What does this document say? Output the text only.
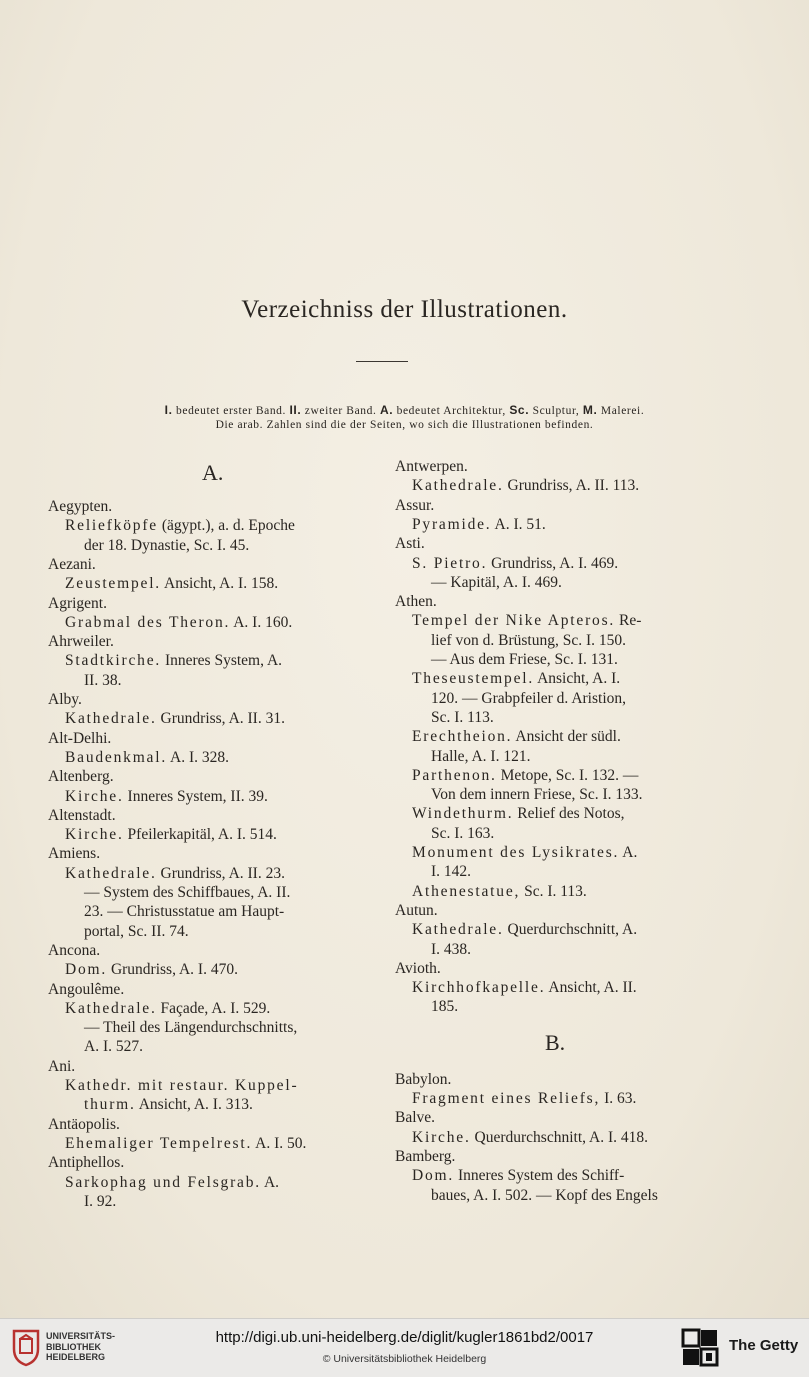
Verzeichniss der Illustrationen.
I. bedeutet erster Band. II. zweiter Band. A. bedeutet Architektur, Sc. Sculptur, M. Malerei.
Die arab. Zahlen sind die der Seiten, wo sich die Illustrationen befinden.
A.
Aegypten.
Reliefköpfe (ägypt.), a. d. Epoche
der 18. Dynastie, Sc. I. 45.
Aezani.
Zeustempel. Ansicht, A. I. 158.
Agrigent.
Grabmal des Theron. A. I. 160.
Ahrweiler.
Stadtkirche. Inneres System, A.
II. 38.
Alby.
Kathedrale. Grundriss, A. II. 31.
Alt-Delhi.
Baudenkmal. A. I. 328.
Altenberg.
Kirche. Inneres System, II. 39.
Altenstadt.
Kirche. Pfeilerkapitäl, A. I. 514.
Amiens.
Kathedrale. Grundriss, A. II. 23.
— System des Schiffbaues, A. II.
23. — Christusstatue am Haupt-
portal, Sc. II. 74.
Ancona.
Dom. Grundriss, A. I. 470.
Angoulême.
Kathedrale. Façade, A. I. 529.
— Theil des Längendurchschnitts,
A. I. 527.
Ani.
Kathedr. mit restaur. Kuppel-
thurm. Ansicht, A. I. 313.
Antäopolis.
Ehemaliger Tempelrest. A. I. 50.
Antiphellos.
Sarkophag und Felsgrab. A.
I. 92.
Antwerpen.
Kathedrale. Grundriss, A. II. 113.
Assur.
Pyramide. A. I. 51.
Asti.
S. Pietro. Grundriss, A. I. 469.
— Kapitäl, A. I. 469.
Athen.
Tempel der Nike Apteros. Re-
lief von d. Brüstung, Sc. I. 150.
— Aus dem Friese, Sc. I. 131.
Theseustempel. Ansicht, A. I.
120. — Grabpfeiler d. Aristion,
Sc. I. 113.
Erechtheion. Ansicht der südl.
Halle, A. I. 121.
Parthenon. Metope, Sc. I. 132. —
Von dem innern Friese, Sc. I. 133.
Windethurm. Relief des Notos,
Sc. I. 163.
Monument des Lysikrates. A.
I. 142.
Athenestatue, Sc. I. 113.
Autun.
Kathedrale. Querdurchschnitt, A.
I. 438.
Avioth.
Kirchhofkapelle. Ansicht, A. II.
185.
B.
Babylon.
Fragment eines Reliefs, I. 63.
Balve.
Kirche. Querdurchschnitt, A. I. 418.
Bamberg.
Dom. Inneres System des Schiff-
baues, A. I. 502. — Kopf des Engels
UNIVERSITÄTS-
BIBLIOTHEK
HEIDELBERG
http://digi.ub.uni-heidelberg.de/diglit/kugler1861bd2/0017
© Universitätsbibliothek Heidelberg
The Getty
